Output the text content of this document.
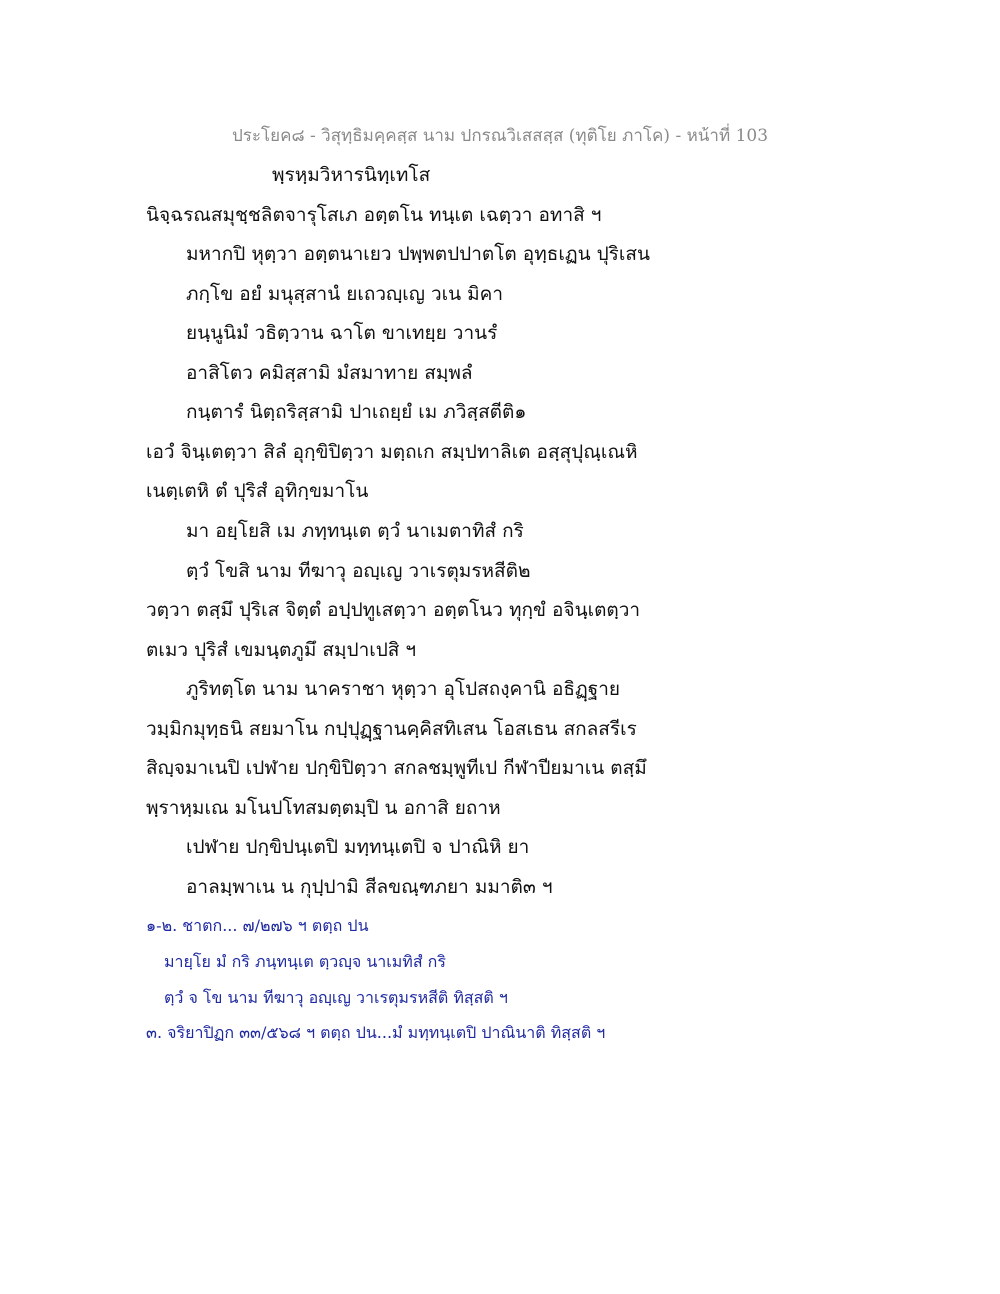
ประโยค๘ - วิสุทฺธิมคฺคสฺส นาม ปกรณวิเสสสฺส (ทุติโย ภาโค) - หน้าที่ 103
พฺรหฺมวิหารนิทฺเทโส
นิจฺฉรณสมุชฺชลิตจารุโสเภ อตฺตโน ทนฺเต เฉตฺวา อทาสิ ฯ
มหากปิ หุตฺวา อตฺตนาเยว ปพฺพตปปาตโต อุทฺธเฏน ปุริเสน
ภกฺโข อยํ มนุสฺสานํ ยเถวญฺเญ วเน มิคา
ยนฺนูนิมํ วธิตฺวาน ฉาโต ขาเทยฺย วานรํ
อาสิโตว คมิสฺสามิ มํสมาทาย สมฺพลํ
กนฺตารํ นิตฺถริสฺสามิ ปาเถยฺยํ เม ภวิสฺสตีติ๑
เอวํ จินฺเตตฺวา สิลํ อุกฺขิปิตฺวา มตฺถเก สมฺปทาลิเต อสฺสุปุณฺเณหิ
เนตฺเตหิ ตํ ปุริสํ อุทิกฺขมาโน
มา อยฺโยสิ เม ภทฺทนฺเต ตฺวํ นาเมตาทิสํ กริ
ตฺวํ โขสิ นาม ทีฆาวุ อญฺเญ วาเรตุมรหสีติ๒
วตฺวา ตสฺมึ ปุริเส จิตฺตํ อปฺปทูเสตฺวา อตฺตโนว ทุกฺขํ อจินฺเตตฺวา
ตเมว ปุริสํ เขมนฺตภูมึ สมฺปาเปสิ ฯ
ภูริทตฺโต นาม นาคราชา หุตฺวา อุโปสถงฺคานิ อธิฏฺฐาย
วมฺมิกมุทฺธนิ สยมาโน กปฺปุฏฺฐานคฺคิสทิเสน โอสเธน สกลสรีเร
สิญฺจมาเนปิ เปฬาย ปกฺขิปิตฺวา สกลชมฺพูทีเป กีฬาปียมาเน ตสฺมึ
พฺราหฺมเณ มโนปโทสมตฺตมฺปิ น อกาสิ ยถาห
เปฬาย ปกฺขิปนฺเตปิ มทฺทนฺเตปิ จ ปาณิหิ ยา
อาลมฺพาเน น กุปฺปามิ สีลขณฺฑภยา มมาติ๓ ฯ
๑-๒. ชาตก... ๗/๒๗๖ ฯ ตตฺถ ปน
มายฺโย มํ กริ ภนฺทนฺเต ตฺวญฺจ นาเมทิสํ กริ
ตฺวํ จ โข นาม ทีฆาวุ อญฺเญ วาเรตุมรหสีติ ทิสฺสติ ฯ
๓. จริยาปิฏก ๓๓/๕๖๘ ฯ ตตฺถ ปน...มํ มทฺทนฺเตปิ ปาณินาติ ทิสฺสติ ฯ
